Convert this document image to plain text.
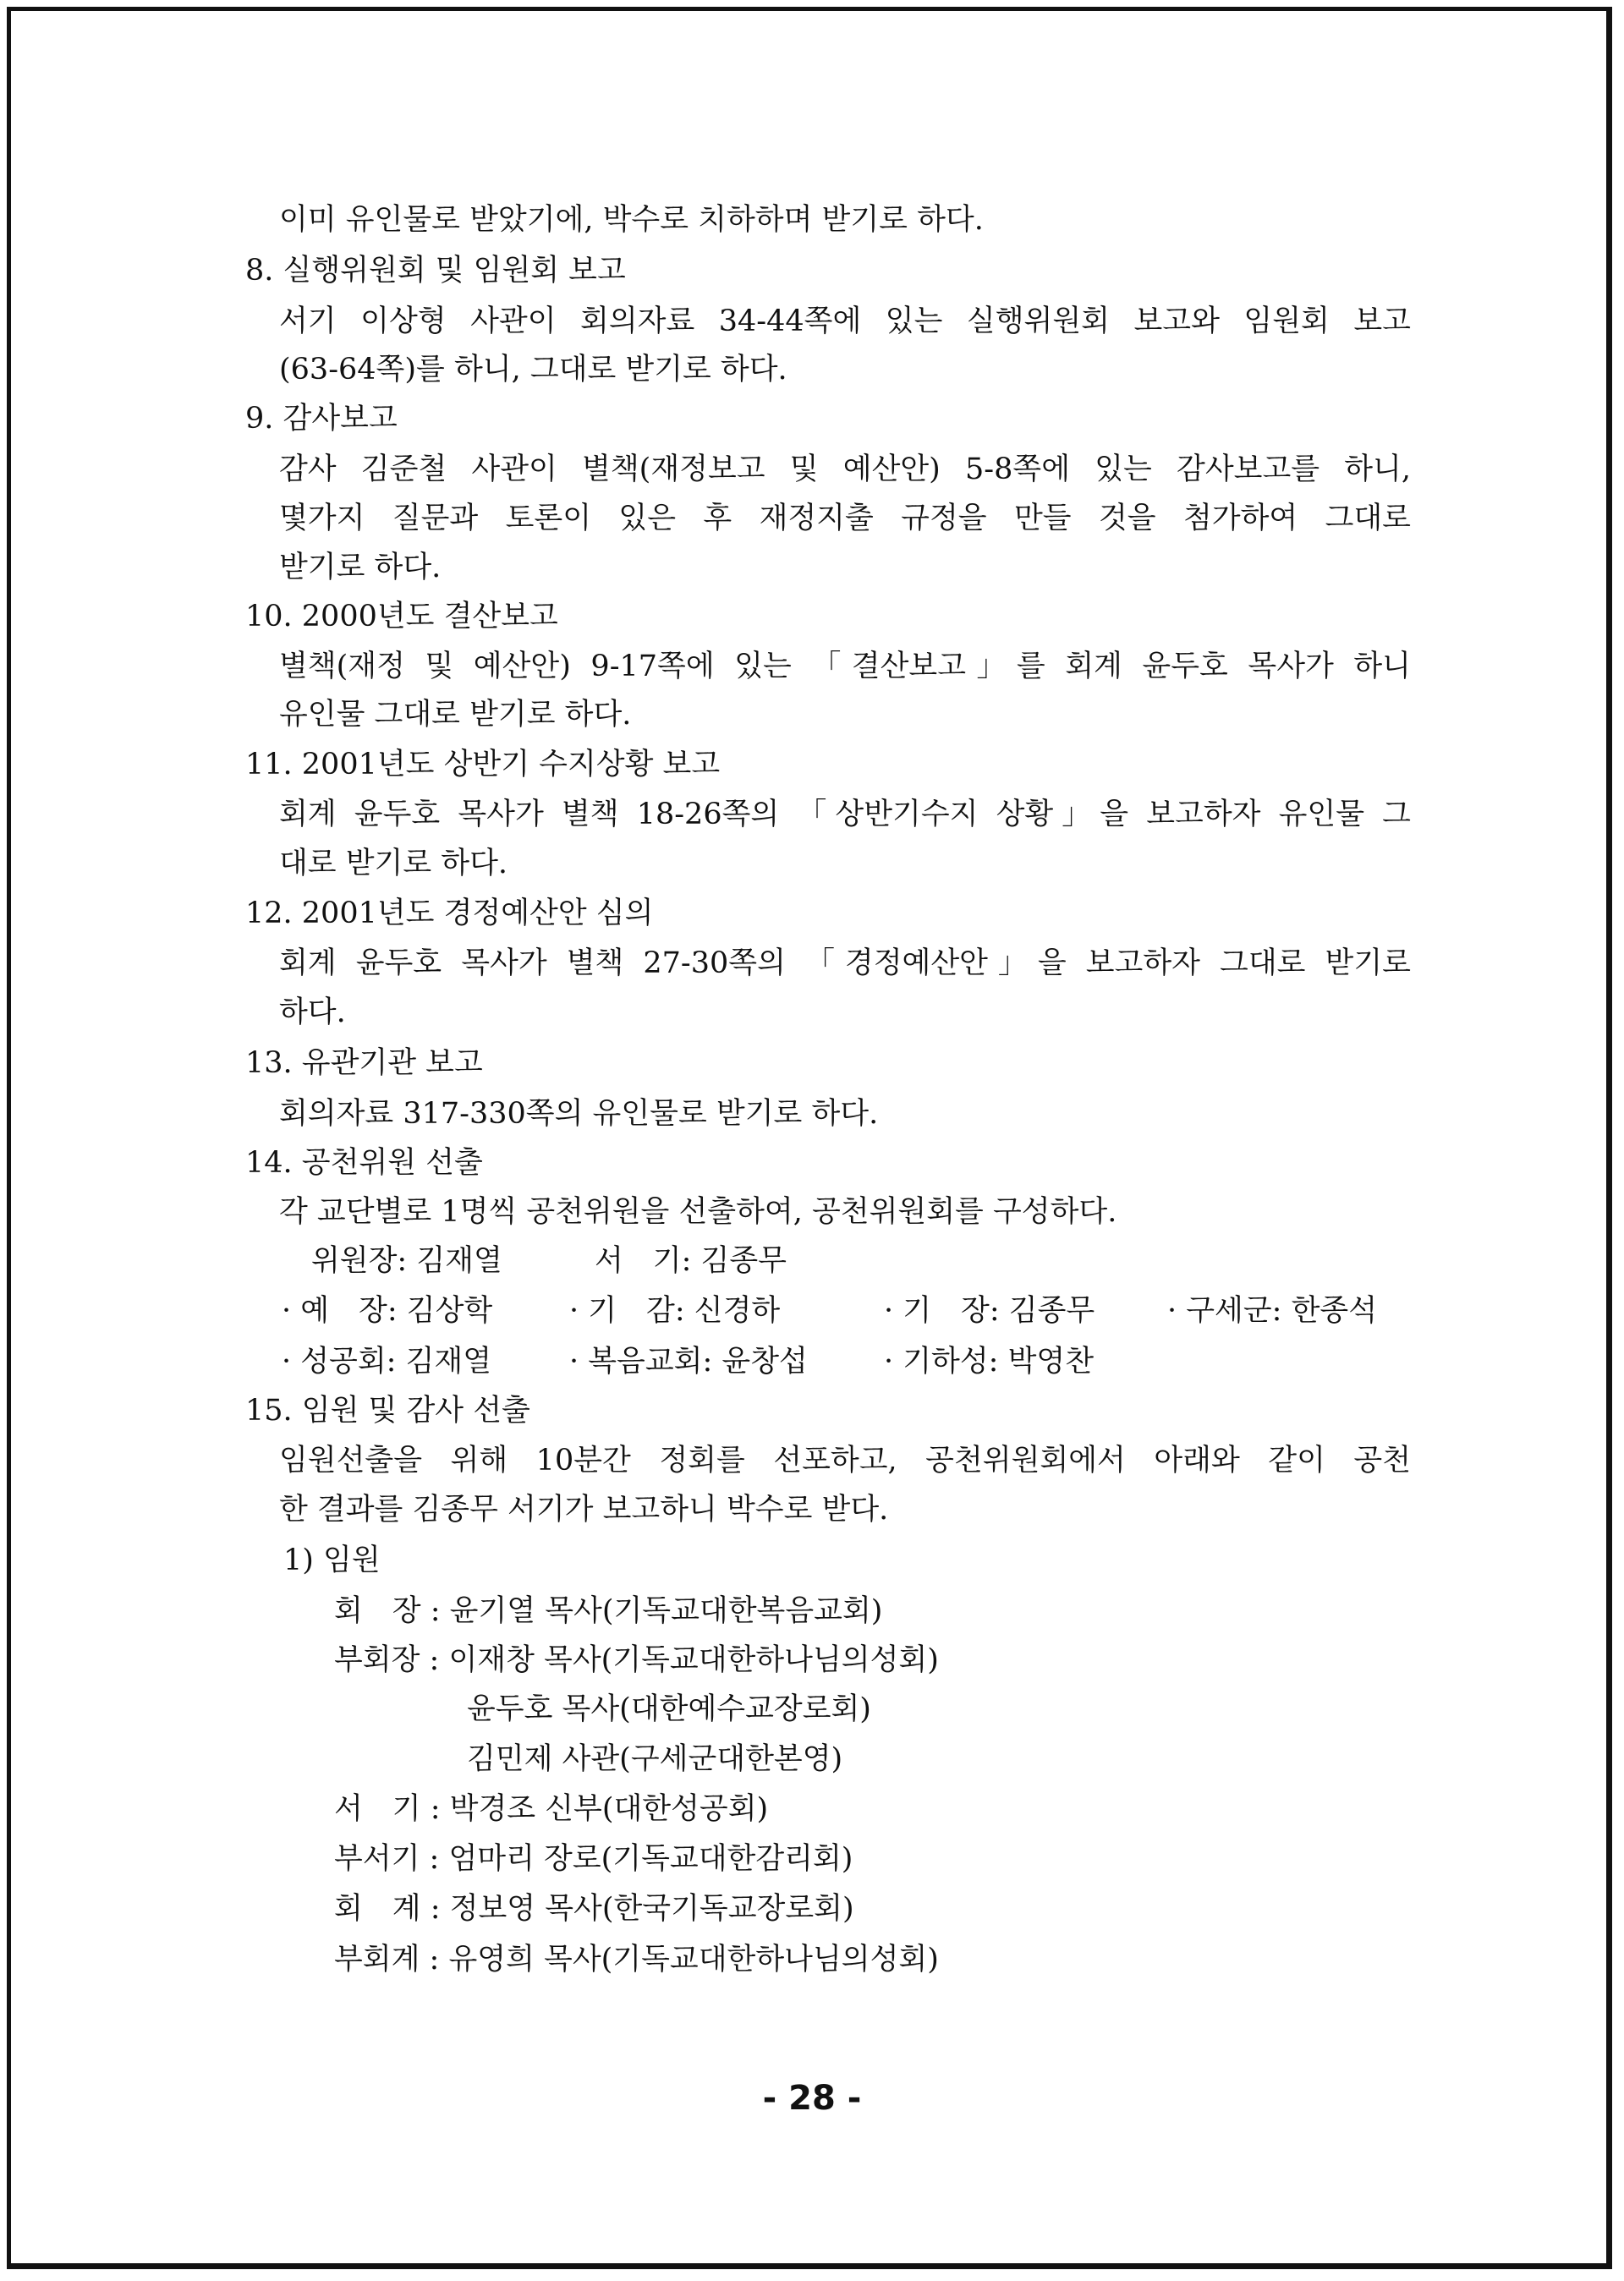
이미 유인물로 받았기에, 박수로 치하하며 받기로 하다.
8. 실행위원회 및 임원회 보고
서기 이상형 사관이 회의자료 34-44쪽에 있는 실행위원회 보고와 임원회 보고
(63-64쪽)를 하니, 그대로 받기로 하다.
9. 감사보고
감사 김준철 사관이 별책(재정보고 및 예산안) 5-8쪽에 있는 감사보고를 하니,
몇가지 질문과 토론이 있은 후 재정지출 규정을 만들 것을 첨가하여 그대로
받기로 하다.
10. 2000년도 결산보고
별책(재정 및 예산안) 9-17쪽에 있는 「결산보고」를 회계 윤두호 목사가 하니
유인물 그대로 받기로 하다.
11. 2001년도 상반기 수지상황 보고
회계 윤두호 목사가 별책 18-26쪽의 「상반기수지 상황」을 보고하자 유인물 그
대로 받기로 하다.
12. 2001년도 경정예산안 심의
회계 윤두호 목사가 별책 27-30쪽의 「경정예산안」을 보고하자 그대로 받기로
하다.
13. 유관기관 보고
회의자료 317-330쪽의 유인물로 받기로 하다.
14. 공천위원 선출
각 교단별로 1명씩 공천위원을 선출하여, 공천위원회를 구성하다.
위원장: 김재열	서　기: 김종무
· 예　장: 김상학	· 기　감: 신경하	· 기　장: 김종무 · 구세군: 한종석
· 성공회: 김재열	· 복음교회: 윤창섭	· 기하성: 박영찬
15. 임원 및 감사 선출
임원선출을 위해 10분간 정회를 선포하고, 공천위원회에서 아래와 같이 공천
한 결과를 김종무 서기가 보고하니 박수로 받다.
1) 임원
회　장 : 윤기열 목사(기독교대한복음교회)
부회장 : 이재창 목사(기독교대한하나님의성회)
윤두호 목사(대한예수교장로회)
김민제 사관(구세군대한본영)
서　기 : 박경조 신부(대한성공회)
부서기 : 엄마리 장로(기독교대한감리회)
회　계 : 정보영 목사(한국기독교장로회)
부회계 : 유영희 목사(기독교대한하나님의성회)
- 28 -
